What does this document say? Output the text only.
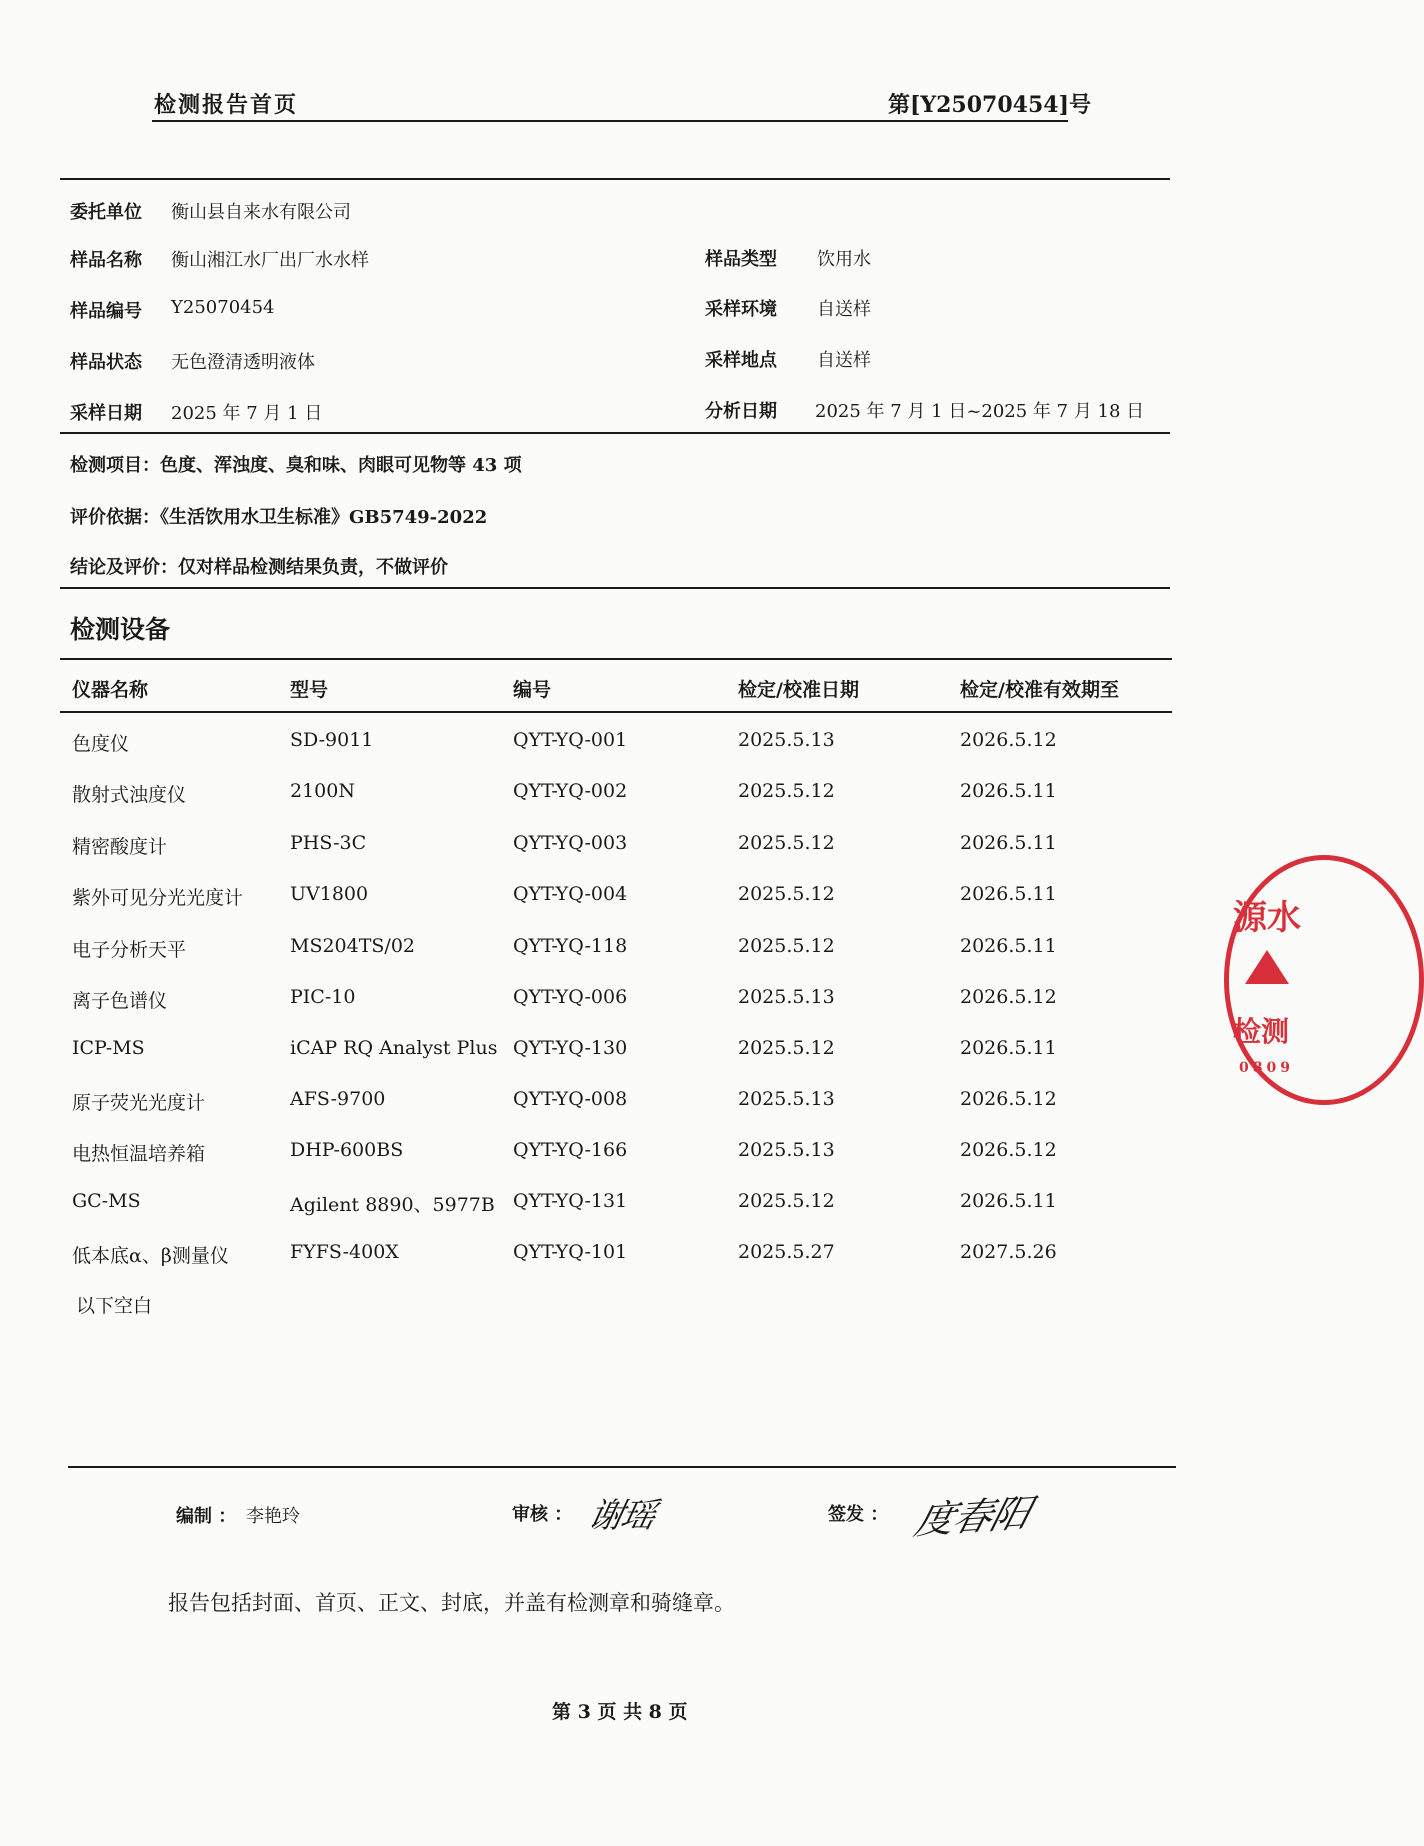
检测报告首页	第[Y25070454]号
委托单位 衡山县自来水有限公司
样品名称 衡山湘江水厂出厂水水样	样品类型 饮用水
样品编号 Y25070454	采样环境 自送样
样品状态 无色澄清透明液体	采样地点 自送样
采样日期 2025 年 7 月 1 日	分析日期 2025 年 7 月 1 日~2025 年 7 月 18 日
检测项目：色度、浑浊度、臭和味、肉眼可见物等 43 项
评价依据：《生活饮用水卫生标准》GB5749-2022
结论及评价：仅对样品检测结果负责，不做评价
检测设备
仪器名称	型号	编号	检定/校准日期	检定/校准有效期至
色度仪	SD-9011	QYT-YQ-001	2025.5.13	2026.5.12
散射式浊度仪	2100N	QYT-YQ-002	2025.5.12	2026.5.11
精密酸度计	PHS-3C	QYT-YQ-003	2025.5.12	2026.5.11
紫外可见分光光度计 UV1800	QYT-YQ-004	2025.5.12	2026.5.11
电子分析天平	MS204TS/02	QYT-YQ-118	2025.5.12	2026.5.11
离子色谱仪	PIC-10	QYT-YQ-006	2025.5.13	2026.5.12
ICP-MS	iCAP RQ Analyst Plus QYT-YQ-130	2025.5.12	2026.5.11
原子荧光光度计	AFS-9700	QYT-YQ-008	2025.5.13	2026.5.12
电热恒温培养箱	DHP-600BS	QYT-YQ-166	2025.5.13	2026.5.12
GC-MS	Agilent 8890、5977B QYT-YQ-131	2025.5.12	2026.5.11
低本底α、β测量仪	FYFS-400X	QYT-YQ-101	2025.5.27	2027.5.26
以下空白
编制 ： 李艳玲	审核 ： 谢瑶	签发 ： 度春阳
报告包括封面、首页、正文、封底，并盖有检测章和骑缝章。
第 3 页 共 8 页
源水
检测
0809
